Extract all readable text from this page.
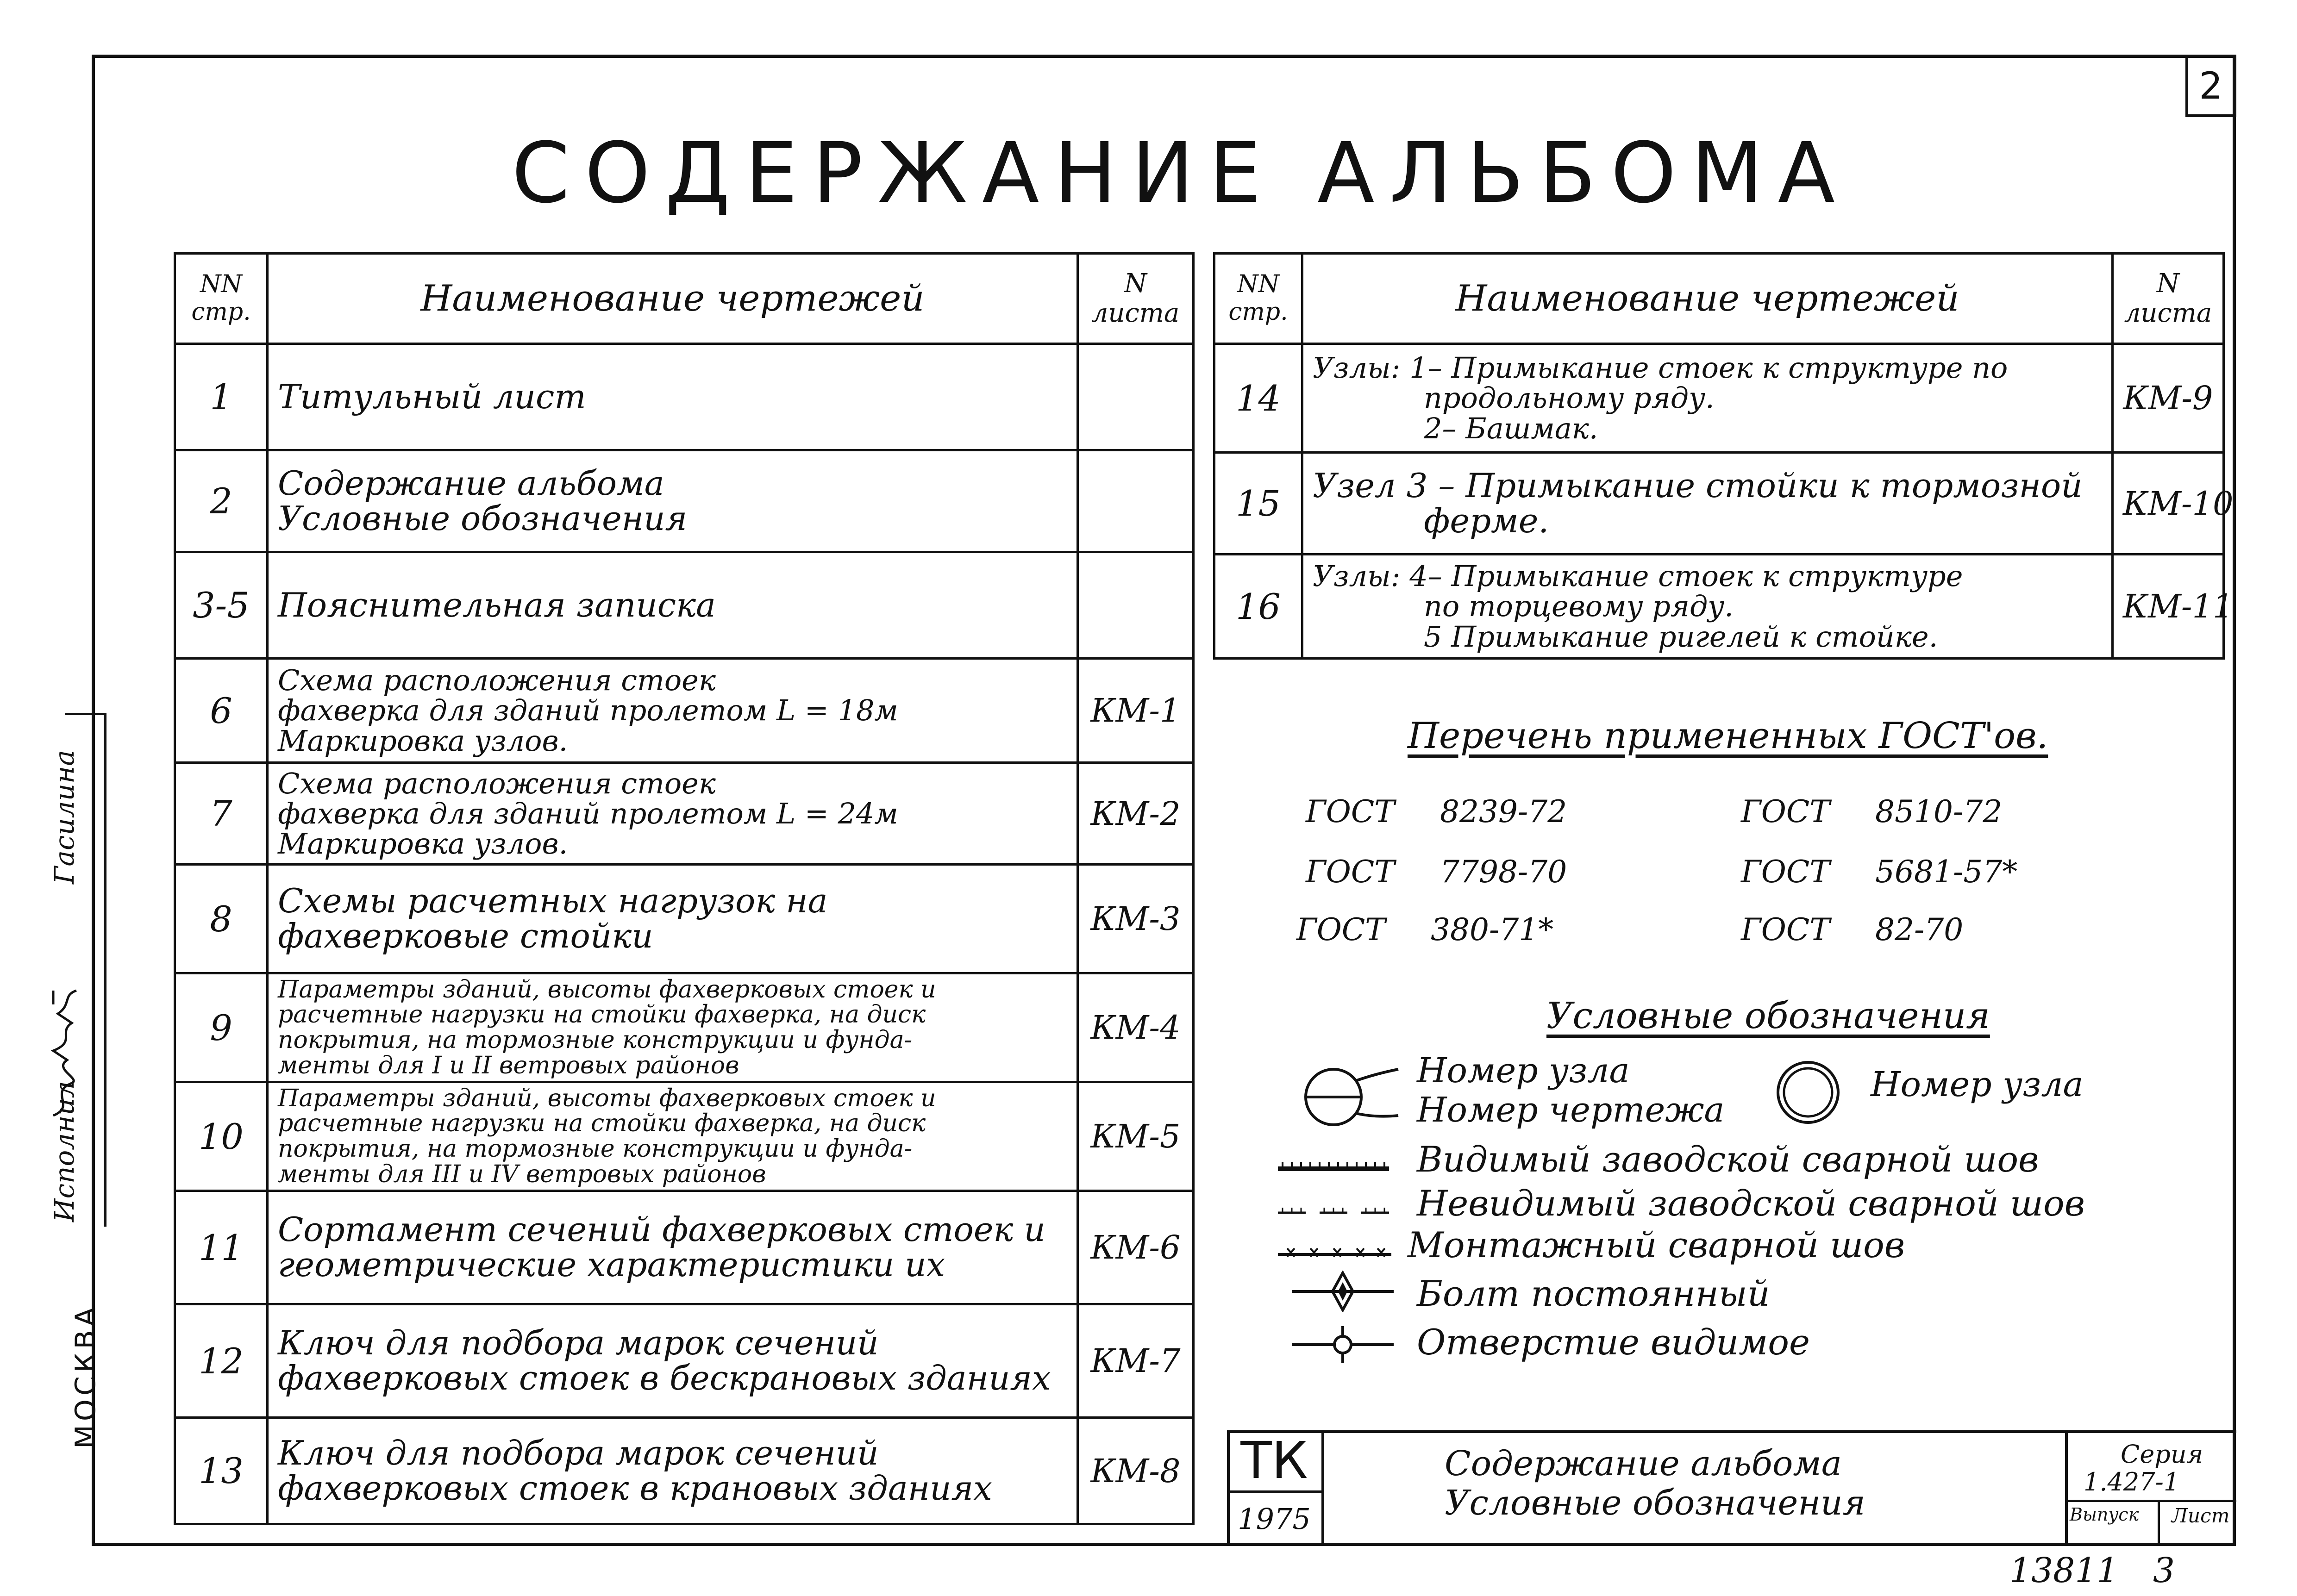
2
СОДЕРЖАНИЕ АЛЬБОМА
NN
стр.	Наименование чертежей	N
листа

1	Титульный лист	

2	Содержание альбома
Условные обозначения	

3-5	Пояснительная записка	

6	Схема расположения стоек
фахверка для зданий пролетом L = 18м
Маркировка узлов.	КМ-1
7	Схема расположения стоек
фахверка для зданий пролетом L = 24м
Маркировка узлов.	КМ-2
8	Схемы расчетных нагрузок на
фахверковые стойки	КМ-3
9	Параметры зданий, высоты фахверковых стоек и
расчетные нагрузки на стойки фахверка, на диск
покрытия, на тормозные конструкции и фунда-
менты для I и II ветровых районов	КМ-4
10	Параметры зданий, высоты фахверковых стоек и
расчетные нагрузки на стойки фахверка, на диск
покрытия, на тормозные конструкции и фунда-
менты для III и IV ветровых районов	КМ-5
11	Сортамент сечений фахверковых стоек и
геометрические характеристики их	КМ-6
12	Ключ для подбора марок сечений
фахверковых стоек в бескрановых зданиях	КМ-7
13	Ключ для подбора марок сечений
фахверковых стоек в крановых зданиях	КМ-8
NN
стр.	Наименование чертежей	N
листа

14	Узлы: 1– Примыкание стоек к структуре по
продольному ряду.
2– Башмак.	КМ-9
15	Узел 3 – Примыкание стойки к тормозной
ферме.	КМ-10
16	Узлы: 4– Примыкание стоек к структуре
по торцевому ряду.
5 Примыкание ригелей к стойке.	КМ-11
Перечень примененных ГОСТ'ов.
ГОСТ 8239-72	ГОСТ 8510-72
ГОСТ 7798-70	ГОСТ 5681-57*
ГОСТ 380-71*	ГОСТ 82-70
Условные обозначения
Номер узла
Номер чертежа
Номер узла
Видимый заводской сварной шов
Невидимый заводской сварной шов
Монтажный сварной шов
Болт постоянный
Отверстие видимое
ТК
1975
Содержание альбома
Условные обозначения
Серия
1.427-1
Выпуск Лист
13811 3
МОСКВА
Исполнил
Гасилина
